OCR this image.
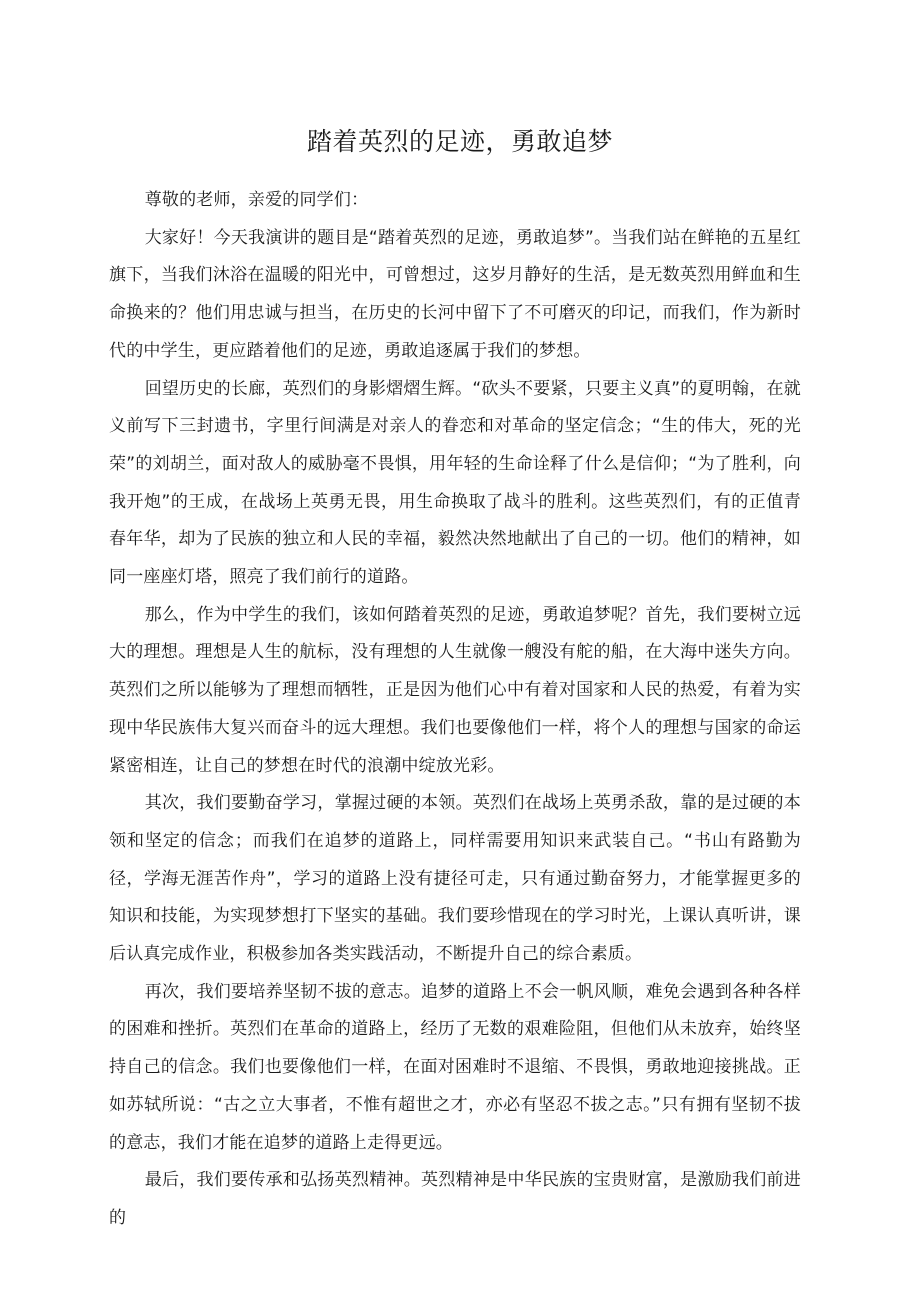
踏着英烈的足迹，勇敢追梦

尊敬的老师，亲爱的同学们：

大家好！今天我演讲的题目是“踏着英烈的足迹，勇敢追梦”。当我们站在鲜艳的五星红旗下，当我们沐浴在温暖的阳光中，可曾想过，这岁月静好的生活，是无数英烈用鲜血和生命换来的？他们用忠诚与担当，在历史的长河中留下了不可磨灭的印记，而我们，作为新时代的中学生，更应踏着他们的足迹，勇敢追逐属于我们的梦想。

回望历史的长廊，英烈们的身影熠熠生辉。“砍头不要紧，只要主义真”的夏明翰，在就义前写下三封遗书，字里行间满是对亲人的眷恋和对革命的坚定信念；“生的伟大，死的光荣”的刘胡兰，面对敌人的威胁毫不畏惧，用年轻的生命诠释了什么是信仰；“为了胜利，向我开炮”的王成，在战场上英勇无畏，用生命换取了战斗的胜利。这些英烈们，有的正值青春年华，却为了民族的独立和人民的幸福，毅然决然地献出了自己的一切。他们的精神，如同一座座灯塔，照亮了我们前行的道路。

那么，作为中学生的我们，该如何踏着英烈的足迹，勇敢追梦呢？首先，我们要树立远大的理想。理想是人生的航标，没有理想的人生就像一艘没有舵的船，在大海中迷失方向。英烈们之所以能够为了理想而牺牲，正是因为他们心中有着对国家和人民的热爱，有着为实现中华民族伟大复兴而奋斗的远大理想。我们也要像他们一样，将个人的理想与国家的命运紧密相连，让自己的梦想在时代的浪潮中绽放光彩。

其次，我们要勤奋学习，掌握过硬的本领。英烈们在战场上英勇杀敌，靠的是过硬的本领和坚定的信念；而我们在追梦的道路上，同样需要用知识来武装自己。“书山有路勤为径，学海无涯苦作舟”，学习的道路上没有捷径可走，只有通过勤奋努力，才能掌握更多的知识和技能，为实现梦想打下坚实的基础。我们要珍惜现在的学习时光，上课认真听讲，课后认真完成作业，积极参加各类实践活动，不断提升自己的综合素质。

再次，我们要培养坚韧不拔的意志。追梦的道路上不会一帆风顺，难免会遇到各种各样的困难和挫折。英烈们在革命的道路上，经历了无数的艰难险阻，但他们从未放弃，始终坚持自己的信念。我们也要像他们一样，在面对困难时不退缩、不畏惧，勇敢地迎接挑战。正如苏轼所说：“古之立大事者，不惟有超世之才，亦必有坚忍不拔之志。”只有拥有坚韧不拔的意志，我们才能在追梦的道路上走得更远。

最后，我们要传承和弘扬英烈精神。英烈精神是中华民族的宝贵财富，是激励我们前进的
